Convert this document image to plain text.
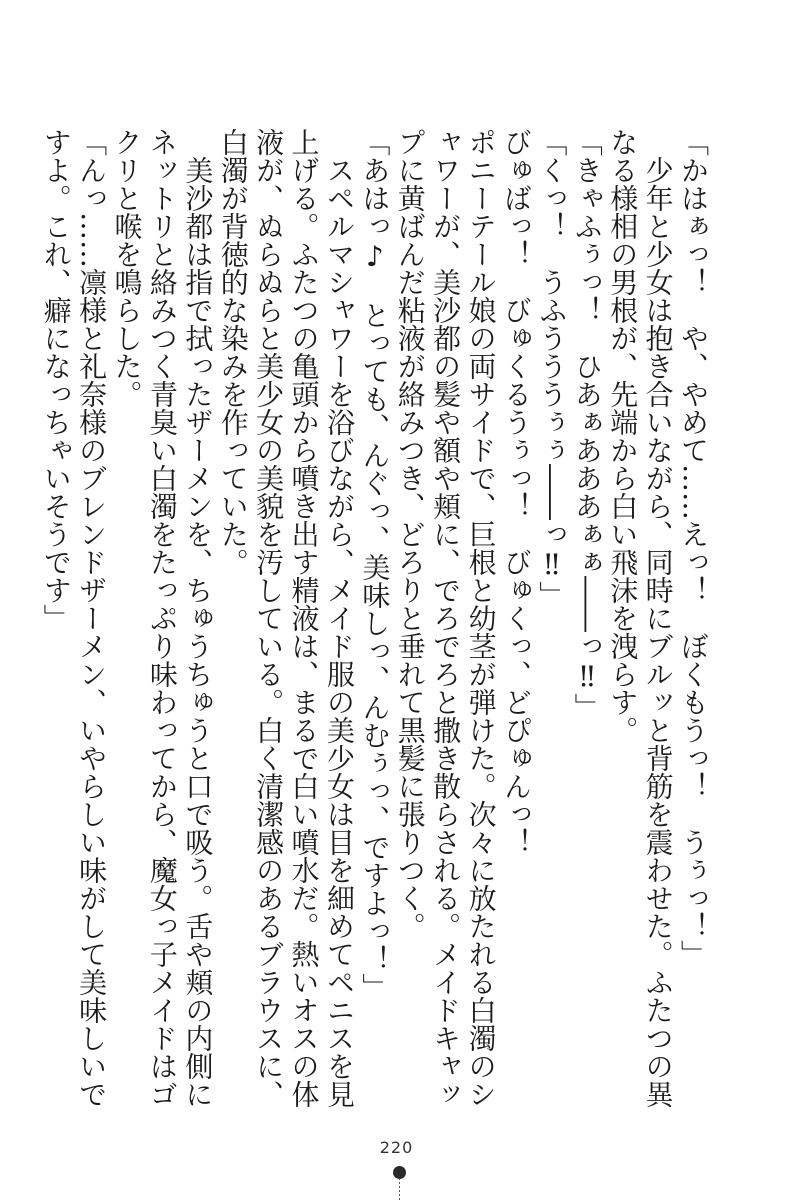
「かはぁっ！　や、やめて……えっ！　ぼくもうっ！　うぅっ！」

少年と少女は抱き合いながら、同時にブルッと背筋を震わせた。ふたつの異なる様相の男根が、先端から白い飛沫を洩らす。

「きゃふぅっ！　ひあぁあああぁぁ――っ‼」

「くっ！　うふうううぅぅ――っ‼」

びゅばっ！　びゅくるうぅっ！　びゅくっ、どぴゅんっ！

ポニーテール娘の両サイドで、巨根と幼茎が弾けた。次々に放たれる白濁のシャワーが、美沙都の髪や額や頬に、でろでろと撒き散らされる。メイドキャップに黄ばんだ粘液が絡みつき、どろりと垂れて黒髪に張りつく。

「あはっ♪　とっても、んぐっ、美味しっ、んむぅっ、ですよっ！」

スペルマシャワーを浴びながら、メイド服の美少女は目を細めてペニスを見上げる。ふたつの亀頭から噴き出す精液は、まるで白い噴水だ。熱いオスの体液が、ぬらぬらと美少女の美貌を汚している。白く清潔感のあるブラウスに、白濁が背徳的な染みを作っていた。

美沙都は指で拭ったザーメンを、ちゅうちゅうと口で吸う。舌や頬の内側にネットリと絡みつく青臭い白濁をたっぷり味わってから、魔女っ子メイドはゴクリと喉を鳴らした。

「んっ……凛様と礼奈様のブレンドザーメン、いやらしい味がして美味しいですよ。これ、癖になっちゃいそうです」

220
